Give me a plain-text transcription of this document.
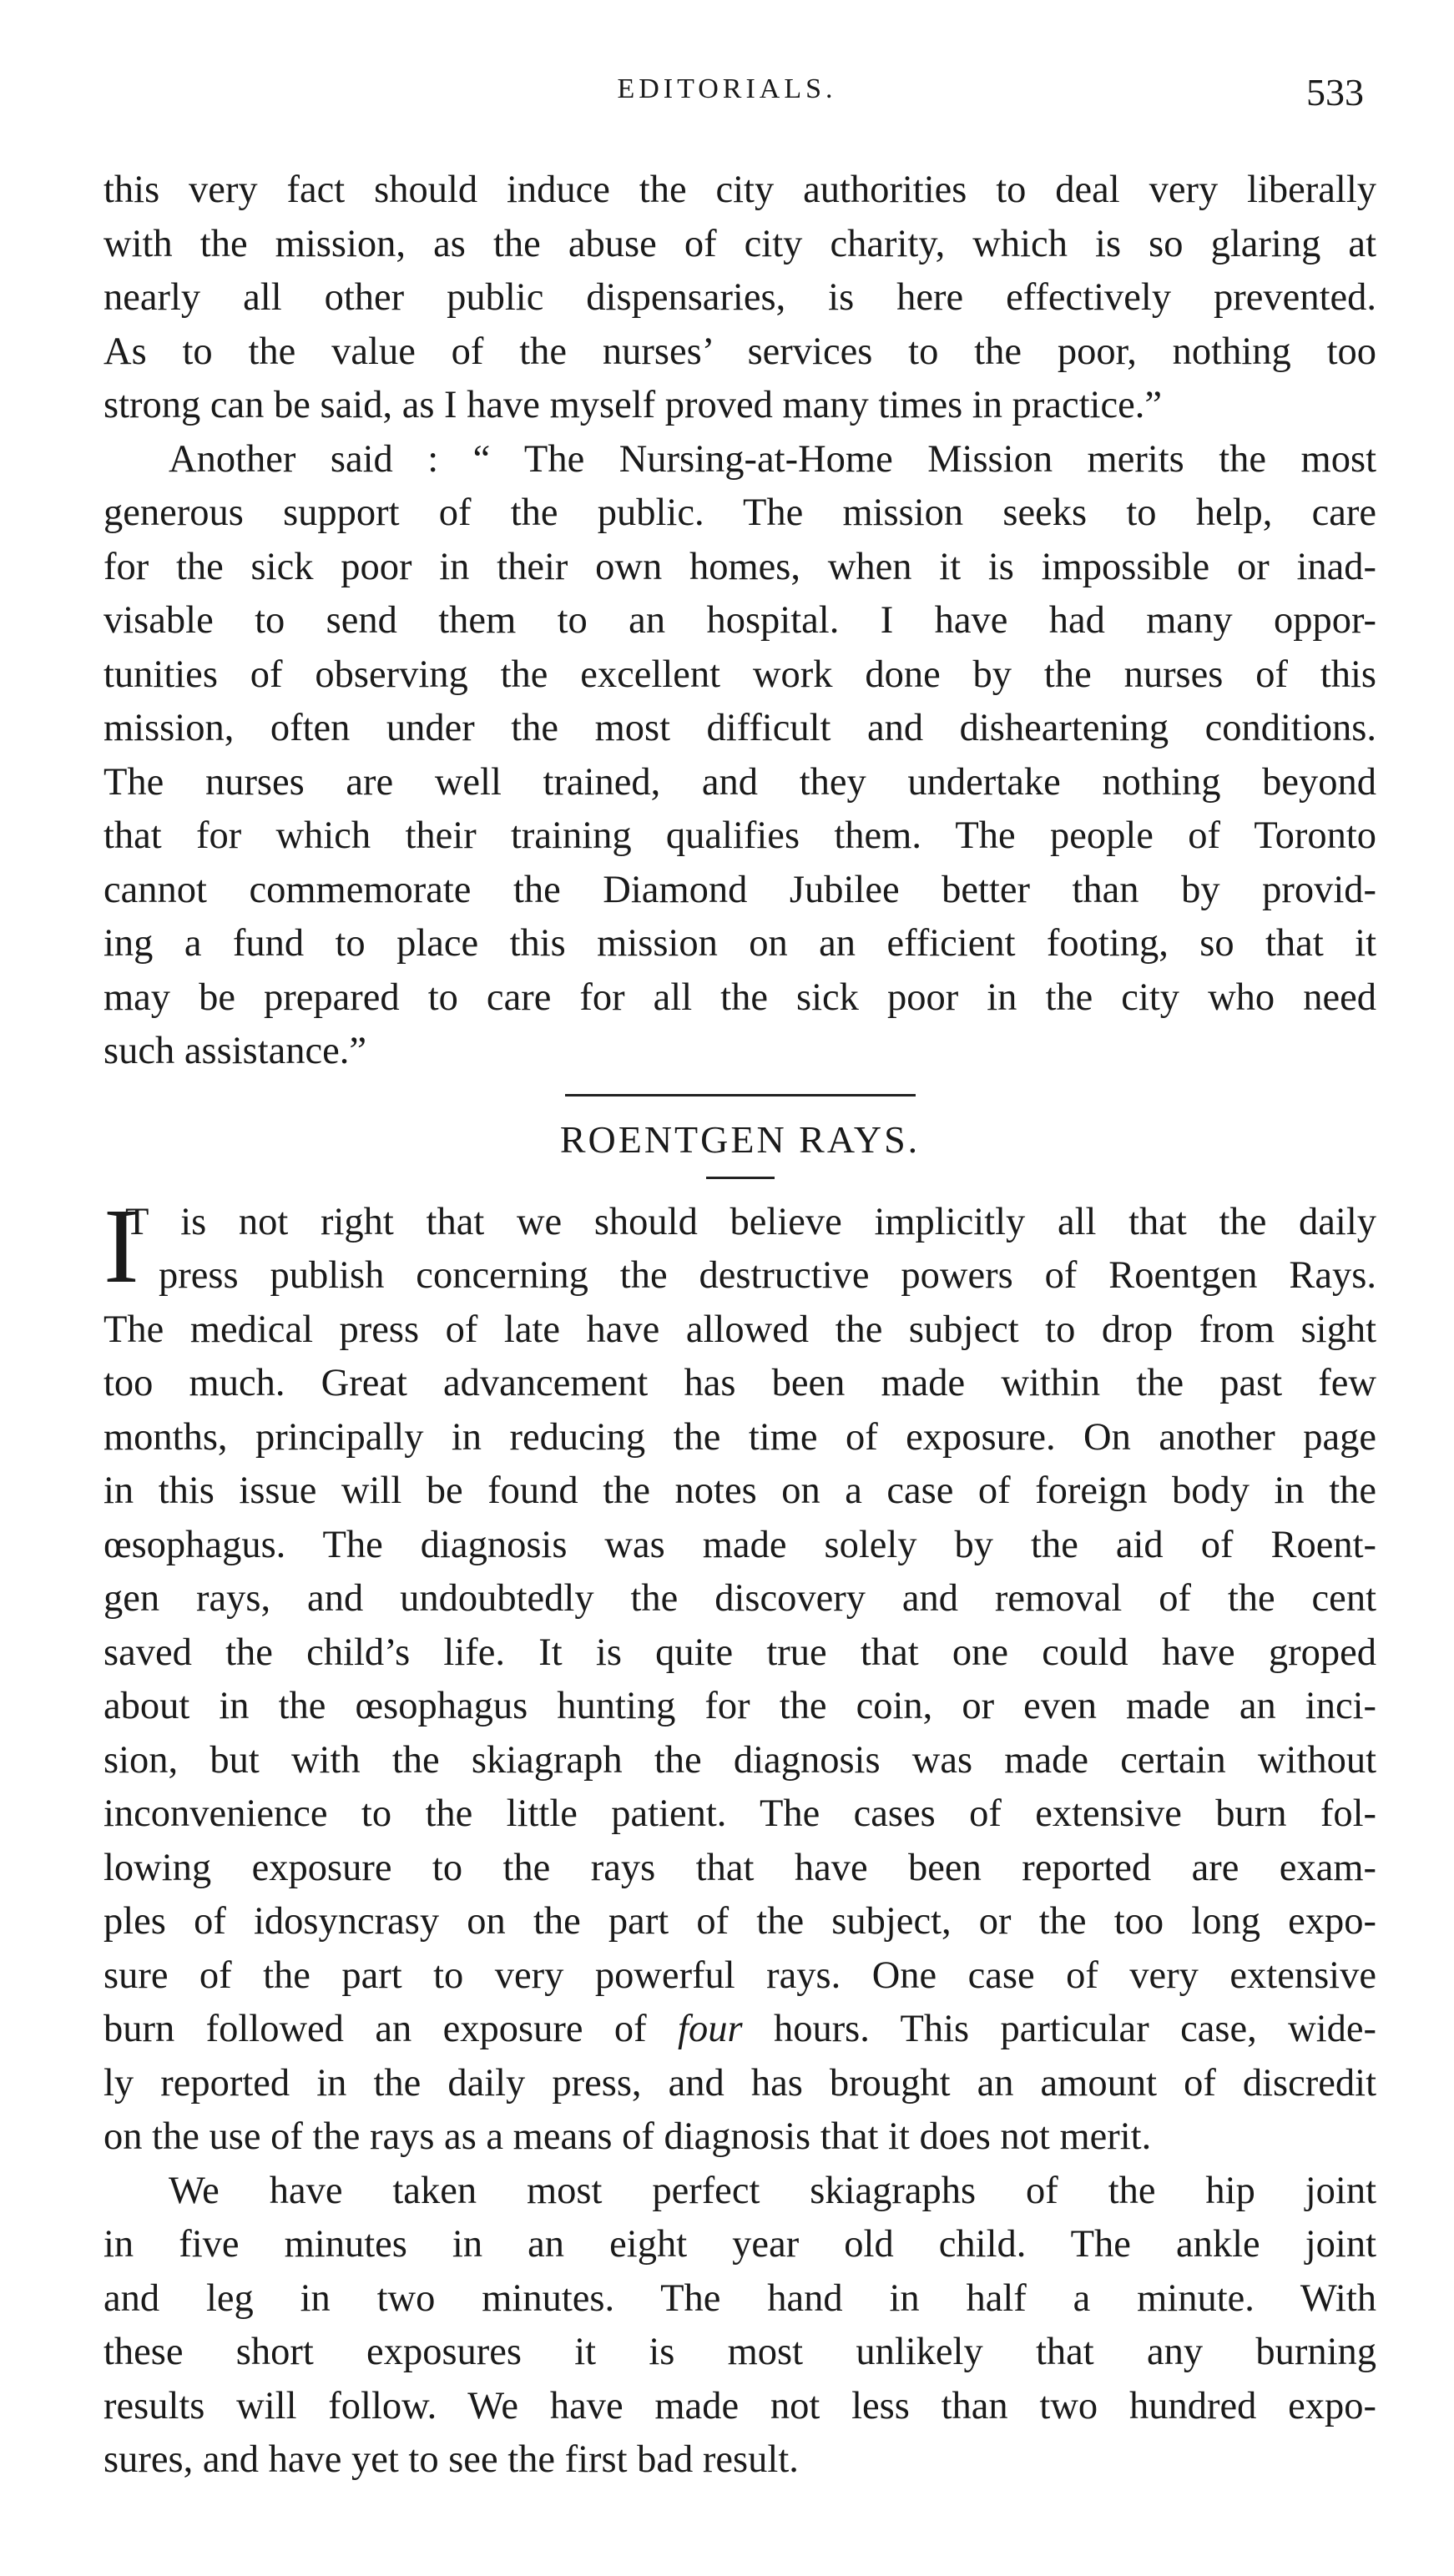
EDITORIALS.	533
this very fact should induce the city authorities to deal very liberally
with the mission, as the abuse of city charity, which is so glaring at
nearly all other public dispensaries, is here effectively prevented.
As to the value of the nurses’ services to the poor, nothing too
strong can be said, as I have myself proved many times in practice.”
Another said : “ The Nursing-at-Home Mission merits the most
generous support of the public. The mission seeks to help, care
for the sick poor in their own homes, when it is impossible or inad-
visable to send them to an hospital. I have had many oppor-
tunities of observing the excellent work done by the nurses of this
mission, often under the most difficult and disheartening conditions.
The nurses are well trained, and they undertake nothing beyond
that for which their training qualifies them. The people of Toronto
cannot commemorate the Diamond Jubilee better than by provid-
ing a fund to place this mission on an efficient footing, so that it
may be prepared to care for all the sick poor in the city who need
such assistance.”
ROENTGEN RAYS.
I
T is not right that we should believe implicitly all that the daily
press publish concerning the destructive powers of Roentgen Rays.
The medical press of late have allowed the subject to drop from sight
too much. Great advancement has been made within the past few
months, principally in reducing the time of exposure. On another page
in this issue will be found the notes on a case of foreign body in the
œsophagus. The diagnosis was made solely by the aid of Roent-
gen rays, and undoubtedly the discovery and removal of the cent
saved the child’s life. It is quite true that one could have groped
about in the œsophagus hunting for the coin, or even made an inci-
sion, but with the skiagraph the diagnosis was made certain without
inconvenience to the little patient. The cases of extensive burn fol-
lowing exposure to the rays that have been reported are exam-
ples of idosyncrasy on the part of the subject, or the too long expo-
sure of the part to very powerful rays. One case of very extensive
burn followed an exposure of four hours. This particular case, wide-
ly reported in the daily press, and has brought an amount of discredit
on the use of the rays as a means of diagnosis that it does not merit.
We have taken most perfect skiagraphs of the hip joint
in five minutes in an eight year old child. The ankle joint
and leg in two minutes. The hand in half a minute. With
these short exposures it is most unlikely that any burning
results will follow. We have made not less than two hundred expo-
sures, and have yet to see the first bad result.
